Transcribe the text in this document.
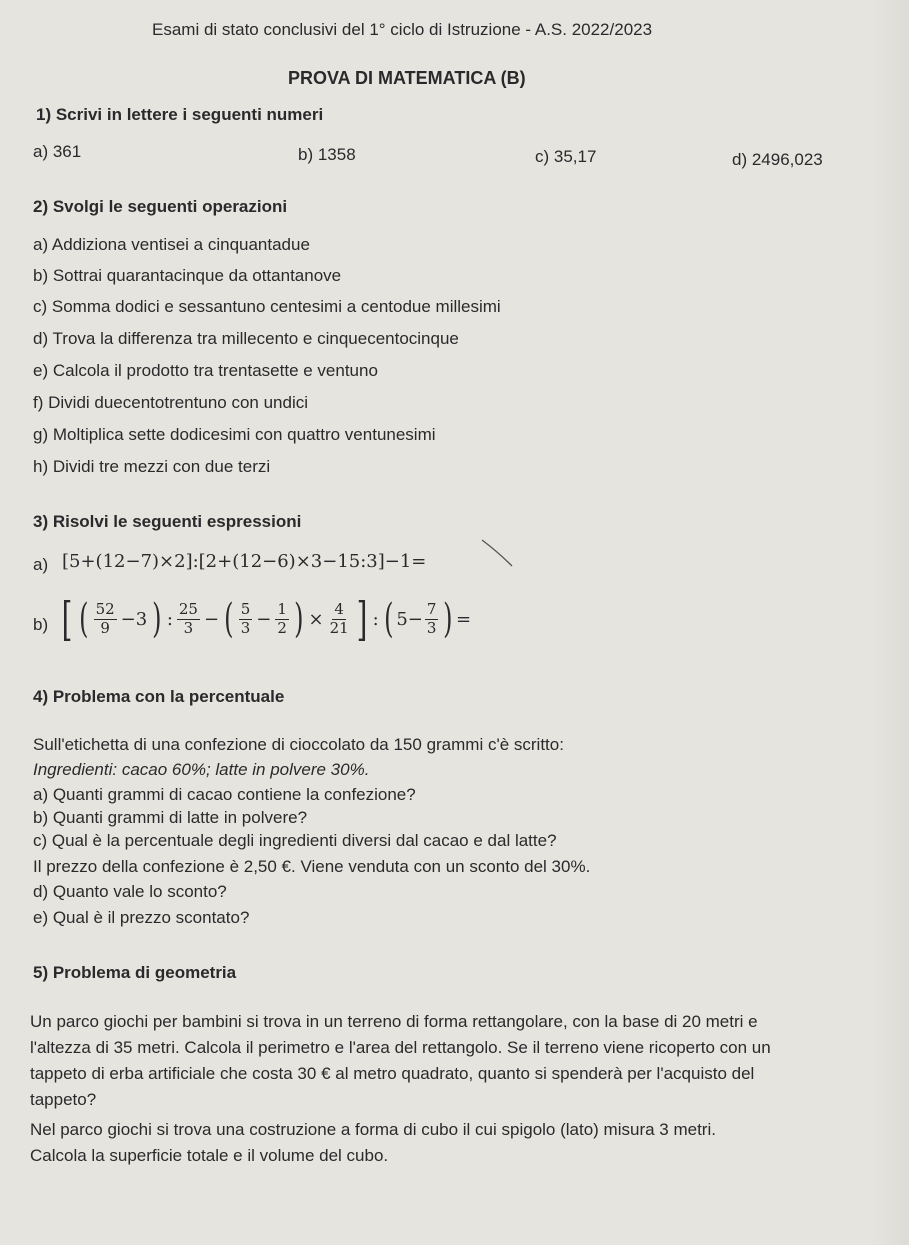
Esami di stato conclusivi del 1° ciclo di Istruzione - A.S. 2022/2023
PROVA DI MATEMATICA (B)
1) Scrivi in lettere i seguenti numeri
a) 361	b) 1358	c) 35,17	d) 2496,023
2) Svolgi le seguenti operazioni
a) Addiziona ventisei a cinquantadue
b) Sottrai quarantacinque da ottantanove
c) Somma dodici e sessantuno centesimi a centodue millesimi
d) Trova la differenza tra millecento e cinquecentocinque
e) Calcola il prodotto tra trentasette e ventuno
f) Dividi duecentotrentuno con undici
g) Moltiplica sette dodicesimi con quattro ventunesimi
h) Dividi tre mezzi con due terzi
3) Risolvi le seguenti espressioni
a) [5+(12−7)×2]:[2+(12−6)×3−15:3]−1=
b) [ ( $\frac{52}{9} -3$ ) : $\frac{25}{3}$ − ( $\frac{5}{3} - \frac{1}{2}$ ) × $\frac{4}{21}$ ] : ( $5- \frac{7}{3}$ ) =
4) Problema con la percentuale
Sull'etichetta di una confezione di cioccolato da 150 grammi c'è scritto:
Ingredienti: cacao 60%; latte in polvere 30%.
a) Quanti grammi di cacao contiene la confezione?
b) Quanti grammi di latte in polvere?
c) Qual è la percentuale degli ingredienti diversi dal cacao e dal latte?
Il prezzo della confezione è 2,50 €. Viene venduta con un sconto del 30%.
d) Quanto vale lo sconto?
e) Qual è il prezzo scontato?
5) Problema di geometria
Un parco giochi per bambini si trova in un terreno di forma rettangolare, con la base di 20 metri e
l'altezza di 35 metri. Calcola il perimetro e l'area del rettangolo. Se il terreno viene ricoperto con un
tappeto di erba artificiale che costa 30 € al metro quadrato, quanto si spenderà per l'acquisto del
tappeto?
Nel parco giochi si trova una costruzione a forma di cubo il cui spigolo (lato) misura 3 metri.
Calcola la superficie totale e il volume del cubo.
